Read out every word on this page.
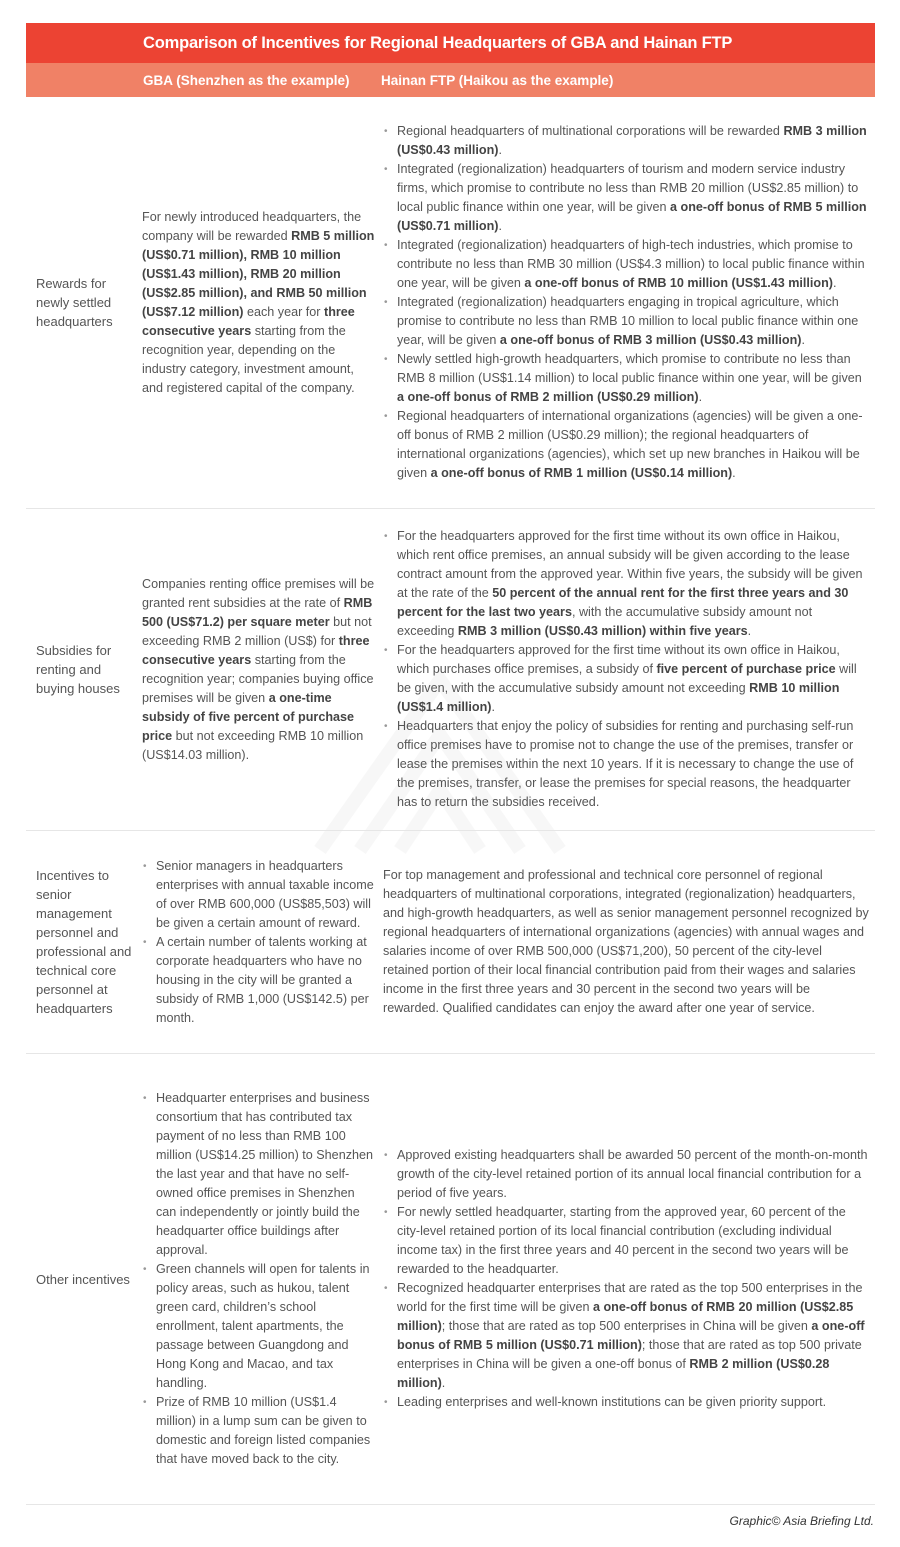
Comparison of Incentives for Regional Headquarters of GBA and Hainan FTP
GBA (Shenzhen as the example)	Hainan FTP (Haikou as the example)
Rewards for newly settled headquarters

For newly introduced headquarters, the company will be rewarded RMB 5 million (US$0.71 million), RMB 10 million (US$1.43 million), RMB 20 million (US$2.85 million), and RMB 50 million (US$7.12 million) each year for three consecutive years starting from the recognition year, depending on the industry category, investment amount, and registered capital of the company.

• Regional headquarters of multinational corporations will be rewarded RMB 3 million (US$0.43 million).
• Integrated (regionalization) headquarters of tourism and modern service industry firms, which promise to contribute no less than RMB 20 million (US$2.85 million) to local public finance within one year, will be given a one-off bonus of RMB 5 million (US$0.71 million).
• Integrated (regionalization) headquarters of high-tech industries, which promise to contribute no less than RMB 30 million (US$4.3 million) to local public finance within one year, will be given a one-off bonus of RMB 10 million (US$1.43 million).
• Integrated (regionalization) headquarters engaging in tropical agriculture, which promise to contribute no less than RMB 10 million to local public finance within one year, will be given a one-off bonus of RMB 3 million (US$0.43 million).
• Newly settled high-growth headquarters, which promise to contribute no less than RMB 8 million (US$1.14 million) to local public finance within one year, will be given a one-off bonus of RMB 2 million (US$0.29 million).
• Regional headquarters of international organizations (agencies) will be given a one-off bonus of RMB 2 million (US$0.29 million); the regional headquarters of international organizations (agencies), which set up new branches in Haikou will be given a one-off bonus of RMB 1 million (US$0.14 million).
Subsidies for renting and buying houses

Companies renting office premises will be granted rent subsidies at the rate of RMB 500 (US$71.2) per square meter but not exceeding RMB 2 million (US$) for three consecutive years starting from the recognition year; companies buying office premises will be given a one-time subsidy of five percent of purchase price but not exceeding RMB 10 million (US$14.03 million).

• For the headquarters approved for the first time without its own office in Haikou, which rent office premises, an annual subsidy will be given according to the lease contract amount from the approved year. Within five years, the subsidy will be given at the rate of the 50 percent of the annual rent for the first three years and 30 percent for the last two years, with the accumulative subsidy amount not exceeding RMB 3 million (US$0.43 million) within five years.
• For the headquarters approved for the first time without its own office in Haikou, which purchases office premises, a subsidy of five percent of purchase price will be given, with the accumulative subsidy amount not exceeding RMB 10 million (US$1.4 million).
• Headquarters that enjoy the policy of subsidies for renting and purchasing self-run office premises have to promise not to change the use of the premises, transfer or lease the premises within the next 10 years. If it is necessary to change the use of the premises, transfer, or lease the premises for special reasons, the headquarter has to return the subsidies received.
Incentives to senior management personnel and professional and technical core personnel at headquarters
• Senior managers in headquarters enterprises with annual taxable income of over RMB 600,000 (US$85,503) will be given a certain amount of reward.
• A certain number of talents working at corporate headquarters who have no housing in the city will be granted a subsidy of RMB 1,000 (US$142.5) per month.

For top management and professional and technical core personnel of regional headquarters of multinational corporations, integrated (regionalization) headquarters, and high-growth headquarters, as well as senior management personnel recognized by regional headquarters of international organizations (agencies) with annual wages and salaries income of over RMB 500,000 (US$71,200), 50 percent of the city-level retained portion of their local financial contribution paid from their wages and salaries income in the first three years and 30 percent in the second two years will be rewarded. Qualified candidates can enjoy the award after one year of service.

Other incentives
• Headquarter enterprises and business consortium that has contributed tax payment of no less than RMB 100 million (US$14.25 million) to Shenzhen the last year and that have no self-owned office premises in Shenzhen can independently or jointly build the headquarter office buildings after approval.
• Green channels will open for talents in policy areas, such as hukou, talent green card, children’s school enrollment, talent apartments, the passage between Guangdong and Hong Kong and Macao, and tax handling.
• Prize of RMB 10 million (US$1.4 million) in a lump sum can be given to domestic and foreign listed companies that have moved back to the city.
• Approved existing headquarters shall be awarded 50 percent of the month-on-month growth of the city-level retained portion of its annual local financial contribution for a period of five years.
• For newly settled headquarter, starting from the approved year, 60 percent of the city-level retained portion of its local financial contribution (excluding individual income tax) in the first three years and 40 percent in the second two years will be rewarded to the headquarter.
• Recognized headquarter enterprises that are rated as the top 500 enterprises in the world for the first time will be given a one-off bonus of RMB 20 million (US$2.85 million); those that are rated as top 500 enterprises in China will be given a one-off bonus of RMB 5 million (US$0.71 million); those that are rated as top 500 private enterprises in China will be given a one-off bonus of RMB 2 million (US$0.28 million).
• Leading enterprises and well-known institutions can be given priority support.
Graphic© Asia Briefing Ltd.
